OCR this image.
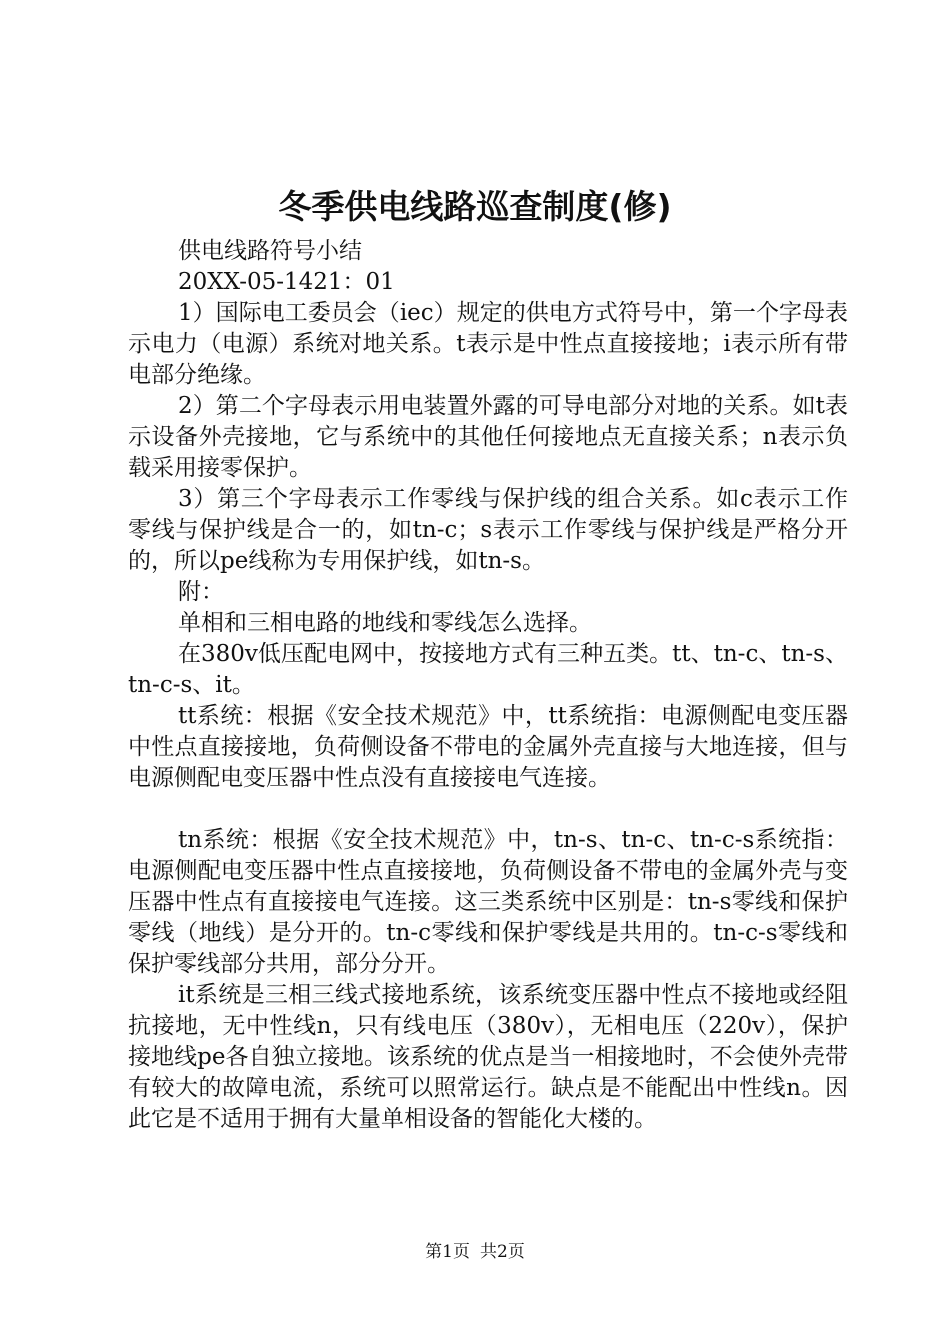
冬季供电线路巡查制度(修)

供电线路符号小结

20XX-05-1421：01

1）国际电工委员会（iec）规定的供电方式符号中，第一个字母表示电力（电源）系统对地关系。t表示是中性点直接接地；i表示所有带电部分绝缘。

2）第二个字母表示用电装置外露的可导电部分对地的关系。如t表示设备外壳接地，它与系统中的其他任何接地点无直接关系；n表示负载采用接零保护。

3）第三个字母表示工作零线与保护线的组合关系。如c表示工作零线与保护线是合一的，如tn-c；s表示工作零线与保护线是严格分开的，所以pe线称为专用保护线，如tn-s。

附：

单相和三相电路的地线和零线怎么选择。

在380v低压配电网中，按接地方式有三种五类。tt、tn-c、tn-s、tn-c-s、it。

tt系统：根据《安全技术规范》中，tt系统指：电源侧配电变压器中性点直接接地，负荷侧设备不带电的金属外壳直接与大地连接，但与电源侧配电变压器中性点没有直接接电气连接。

tn系统：根据《安全技术规范》中，tn-s、tn-c、tn-c-s系统指：电源侧配电变压器中性点直接接地，负荷侧设备不带电的金属外壳与变压器中性点有直接接电气连接。这三类系统中区别是：tn-s零线和保护零线（地线）是分开的。tn-c零线和保护零线是共用的。tn-c-s零线和保护零线部分共用，部分分开。

it系统是三相三线式接地系统，该系统变压器中性点不接地或经阻抗接地，无中性线n，只有线电压（380v），无相电压（220v），保护接地线pe各自独立接地。该系统的优点是当一相接地时，不会使外壳带有较大的故障电流，系统可以照常运行。缺点是不能配出中性线n。因此它是不适用于拥有大量单相设备的智能化大楼的。

第1页 共2页
